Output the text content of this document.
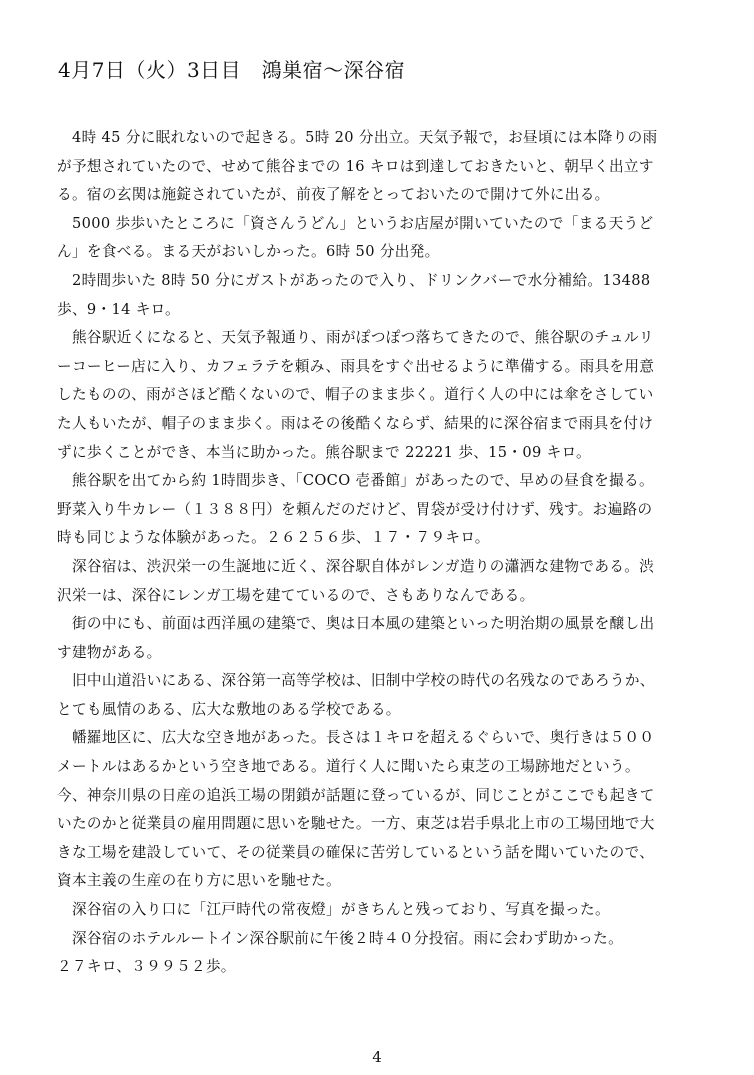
4月7日（火）3日目　鴻巣宿～深谷宿
　4時 45 分に眠れないので起きる。5時 20 分出立。天気予報で，お昼頃には本降りの雨
が予想されていたので、せめて熊谷までの 16 キロは到達しておきたいと、朝早く出立す
る。宿の玄関は施錠されていたが、前夜了解をとっておいたので開けて外に出る。
　5000 歩歩いたところに「資さんうどん」というお店屋が開いていたので「まる天うど
ん」を食べる。まる天がおいしかった。6時 50 分出発。
　2時間歩いた 8時 50 分にガストがあったので入り、ドリンクバーで水分補給。13488
歩、9・14 キロ。
　熊谷駅近くになると、天気予報通り、雨がぽつぽつ落ちてきたので、熊谷駅のチュルリ
ーコーヒー店に入り、カフェラテを頼み、雨具をすぐ出せるように準備する。雨具を用意
したものの、雨がさほど酷くないので、帽子のまま歩く。道行く人の中には傘をさしてい
た人もいたが、帽子のまま歩く。雨はその後酷くならず、結果的に深谷宿まで雨具を付け
ずに歩くことができ、本当に助かった。熊谷駅まで 22221 歩、15・09 キロ。
　熊谷駅を出てから約 1時間歩き、「COCO 壱番館」があったので、早めの昼食を撮る。
野菜入り牛カレー（１３８８円）を頼んだのだけど、胃袋が受け付けず、残す。お遍路の
時も同じような体験があった。２６２５６歩、１７・７９キロ。
　深谷宿は、渋沢栄一の生誕地に近く、深谷駅自体がレンガ造りの瀟洒な建物である。渋
沢栄一は、深谷にレンガ工場を建てているので、さもありなんである。
　街の中にも、前面は西洋風の建築で、奥は日本風の建築といった明治期の風景を醸し出
す建物がある。
　旧中山道沿いにある、深谷第一高等学校は、旧制中学校の時代の名残なのであろうか、
とても風情のある、広大な敷地のある学校である。
　幡羅地区に、広大な空き地があった。長さは１キロを超えるぐらいで、奥行きは５００
メートルはあるかという空き地である。道行く人に聞いたら東芝の工場跡地だという。
今、神奈川県の日産の追浜工場の閉鎖が話題に登っているが、同じことがここでも起きて
いたのかと従業員の雇用問題に思いを馳せた。一方、東芝は岩手県北上市の工場団地で大
きな工場を建設していて、その従業員の確保に苦労しているという話を聞いていたので、
資本主義の生産の在り方に思いを馳せた。
　深谷宿の入り口に「江戸時代の常夜燈」がきちんと残っており、写真を撮った。
　深谷宿のホテルルートイン深谷駅前に午後２時４０分投宿。雨に会わず助かった。
２７キロ、３９９５２歩。
4
